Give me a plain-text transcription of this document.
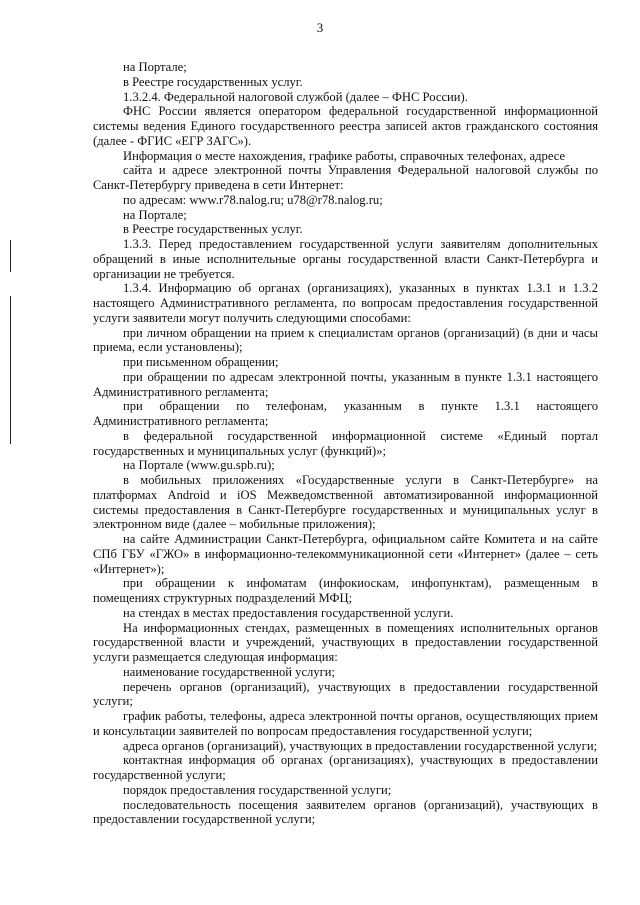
3

на Портале;

в Реестре государственных услуг.

1.3.2.4. Федеральной налоговой службой (далее – ФНС России).

ФНС России является оператором федеральной государственной информационной системы ведения Единого государственного реестра записей актов гражданского состояния (далее - ФГИС «ЕГР ЗАГС»).

Информация о месте нахождения, графике работы, справочных телефонах, адресе

сайта и адресе электронной почты Управления Федеральной налоговой службы по Санкт-Петербургу приведена в сети Интернет:

по адресам: www.r78.nalog.ru; u78@r78.nalog.ru;

на Портале;

в Реестре государственных услуг.

1.3.3. Перед предоставлением государственной услуги заявителям дополнительных обращений в иные исполнительные органы государственной власти Санкт-Петербурга и организации не требуется.

1.3.4. Информацию об органах (организациях), указанных в пунктах 1.3.1 и 1.3.2 настоящего Административного регламента, по вопросам предоставления государственной услуги заявители могут получить следующими способами:

при личном обращении на прием к специалистам органов (организаций) (в дни и часы приема, если установлены);

при письменном обращении;

при обращении по адресам электронной почты, указанным в пункте 1.3.1 настоящего Административного регламента;

при обращении по телефонам, указанным в пункте 1.3.1 настоящего Административного регламента;

в федеральной государственной информационной системе «Единый портал государственных и муниципальных услуг (функций)»;

на Портале (www.gu.spb.ru);

в мобильных приложениях «Государственные услуги в Санкт-Петербурге» на платформах Android и iOS Межведомственной автоматизированной информационной системы предоставления в Санкт-Петербурге государственных и муниципальных услуг в электронном виде (далее – мобильные приложения);

на сайте Администрации Санкт-Петербурга, официальном сайте Комитета и на сайте СПб ГБУ «ГЖО» в информационно-телекоммуникационной сети «Интернет» (далее – сеть «Интернет»);

при обращении к инфоматам (инфокиоскам, инфопунктам), размещенным в помещениях структурных подразделений МФЦ;

на стендах в местах предоставления государственной услуги.

На информационных стендах, размещенных в помещениях исполнительных органов государственной власти и учреждений, участвующих в предоставлении государственной услуги размещается следующая информация:

наименование государственной услуги;

перечень органов (организаций), участвующих в предоставлении государственной услуги;

график работы, телефоны, адреса электронной почты органов, осуществляющих прием и консультации заявителей по вопросам предоставления государственной услуги;

адреса органов (организаций), участвующих в предоставлении государственной услуги;

контактная информация об органах (организациях), участвующих в предоставлении государственной услуги;

порядок предоставления государственной услуги;

последовательность посещения заявителем органов (организаций), участвующих в предоставлении государственной услуги;
